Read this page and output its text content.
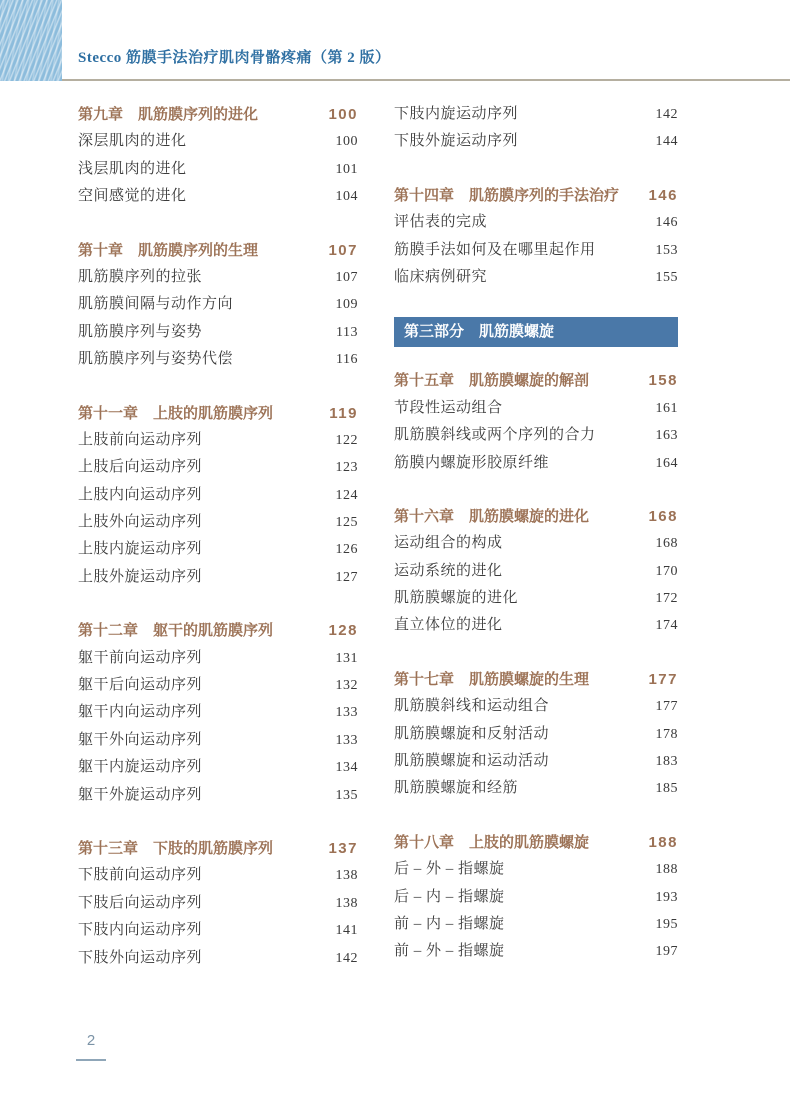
Stecco 筋膜手法治疗肌肉骨骼疼痛（第 2 版）
第九章　肌筋膜序列的进化	100
深层肌肉的进化	100
浅层肌肉的进化	101
空间感觉的进化	104
第十章　肌筋膜序列的生理	107
肌筋膜序列的拉张	107
肌筋膜间隔与动作方向	109
肌筋膜序列与姿势	113
肌筋膜序列与姿势代偿	116
第十一章　上肢的肌筋膜序列	119
上肢前向运动序列	122
上肢后向运动序列	123
上肢内向运动序列	124
上肢外向运动序列	125
上肢内旋运动序列	126
上肢外旋运动序列	127
第十二章　躯干的肌筋膜序列	128
躯干前向运动序列	131
躯干后向运动序列	132
躯干内向运动序列	133
躯干外向运动序列	133
躯干内旋运动序列	134
躯干外旋运动序列	135
第十三章　下肢的肌筋膜序列	137
下肢前向运动序列	138
下肢后向运动序列	138
下肢内向运动序列	141
下肢外向运动序列	142
下肢内旋运动序列	142
下肢外旋运动序列	144
第十四章　肌筋膜序列的手法治疗 146
评估表的完成	146
筋膜手法如何及在哪里起作用	153
临床病例研究	155
第三部分　肌筋膜螺旋
第十五章　肌筋膜螺旋的解剖	158
节段性运动组合	161
肌筋膜斜线或两个序列的合力	163
筋膜内螺旋形胶原纤维	164
第十六章　肌筋膜螺旋的进化	168
运动组合的构成	168
运动系统的进化	170
肌筋膜螺旋的进化	172
直立体位的进化	174
第十七章　肌筋膜螺旋的生理	177
肌筋膜斜线和运动组合	177
肌筋膜螺旋和反射活动	178
肌筋膜螺旋和运动活动	183
肌筋膜螺旋和经筋	185
第十八章　上肢的肌筋膜螺旋	188
后 – 外 – 指螺旋	188
后 – 内 – 指螺旋	193
前 – 内 – 指螺旋	195
前 – 外 – 指螺旋	197
2
